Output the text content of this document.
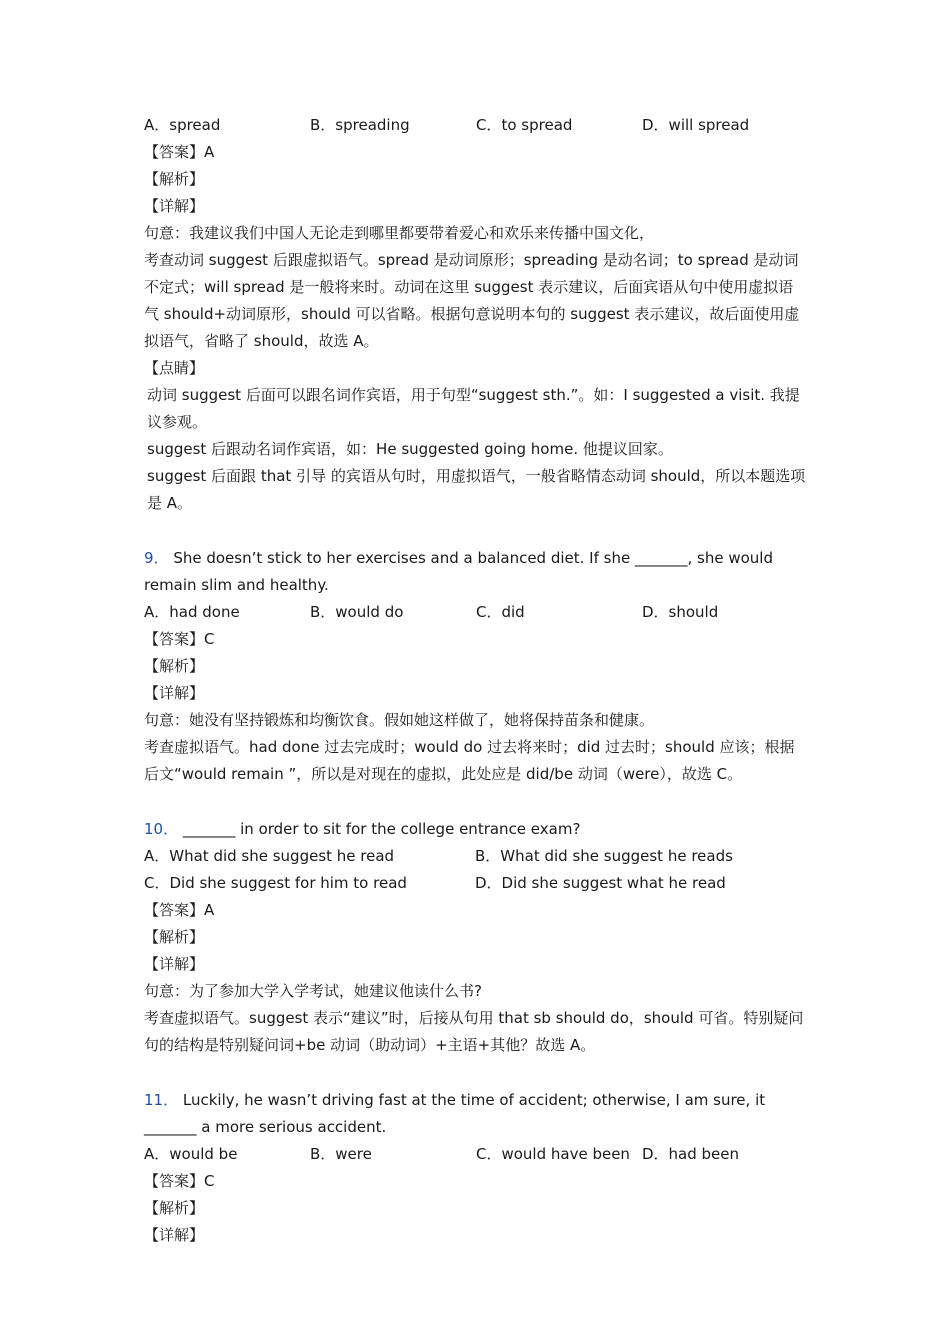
A．spread	B．spreading	C．to spread	D．will spread
【答案】A
【解析】
【详解】
句意：我建议我们中国人无论走到哪里都要带着爱心和欢乐来传播中国文化，
考查动词 suggest 后跟虚拟语气。spread 是动词原形；spreading 是动名词；to spread 是动词不定式；will spread 是一般将来时。动词在这里 suggest 表示建议，后面宾语从句中使用虚拟语气 should+动词原形，should 可以省略。根据句意说明本句的 suggest 表示建议，故后面使用虚拟语气，省略了 should，故选 A。
【点睛】
动词 suggest 后面可以跟名词作宾语，用于句型“suggest sth.”。如：I suggested a visit. 我提议参观。
suggest 后跟动名词作宾语，如：He suggested going home. 他提议回家。
suggest 后面跟 that 引导 的宾语从句时，用虚拟语气，一般省略情态动词 should，所以本题选项是 A。
9． She doesn’t stick to her exercises and a balanced diet. If she _______, she would remain slim and healthy.
A．had done	B．would do	C．did	D．should
【答案】C
【解析】
【详解】
句意：她没有坚持锻炼和均衡饮食。假如她这样做了，她将保持苗条和健康。
考查虚拟语气。had done 过去完成时；would do 过去将来时；did 过去时；should 应该；根据后文“would remain ”，所以是对现在的虚拟，此处应是 did/be 动词（were），故选 C。
10． _______ in order to sit for the college entrance exam?
A．What did she suggest he read	B．What did she suggest he reads
C．Did she suggest for him to read	D．Did she suggest what he read
【答案】A
【解析】
【详解】
句意：为了参加大学入学考试，她建议他读什么书?
考查虚拟语气。suggest 表示“建议”时，后接从句用 that sb should do，should 可省。特别疑问句的结构是特别疑问词+be 动词（助动词）+主语+其他？故选 A。
11． Luckily, he wasn’t driving fast at the time of accident; otherwise, I am sure, it _______ a more serious accident.
A．would be	B．were	C．would have been D．had been
【答案】C
【解析】
【详解】
